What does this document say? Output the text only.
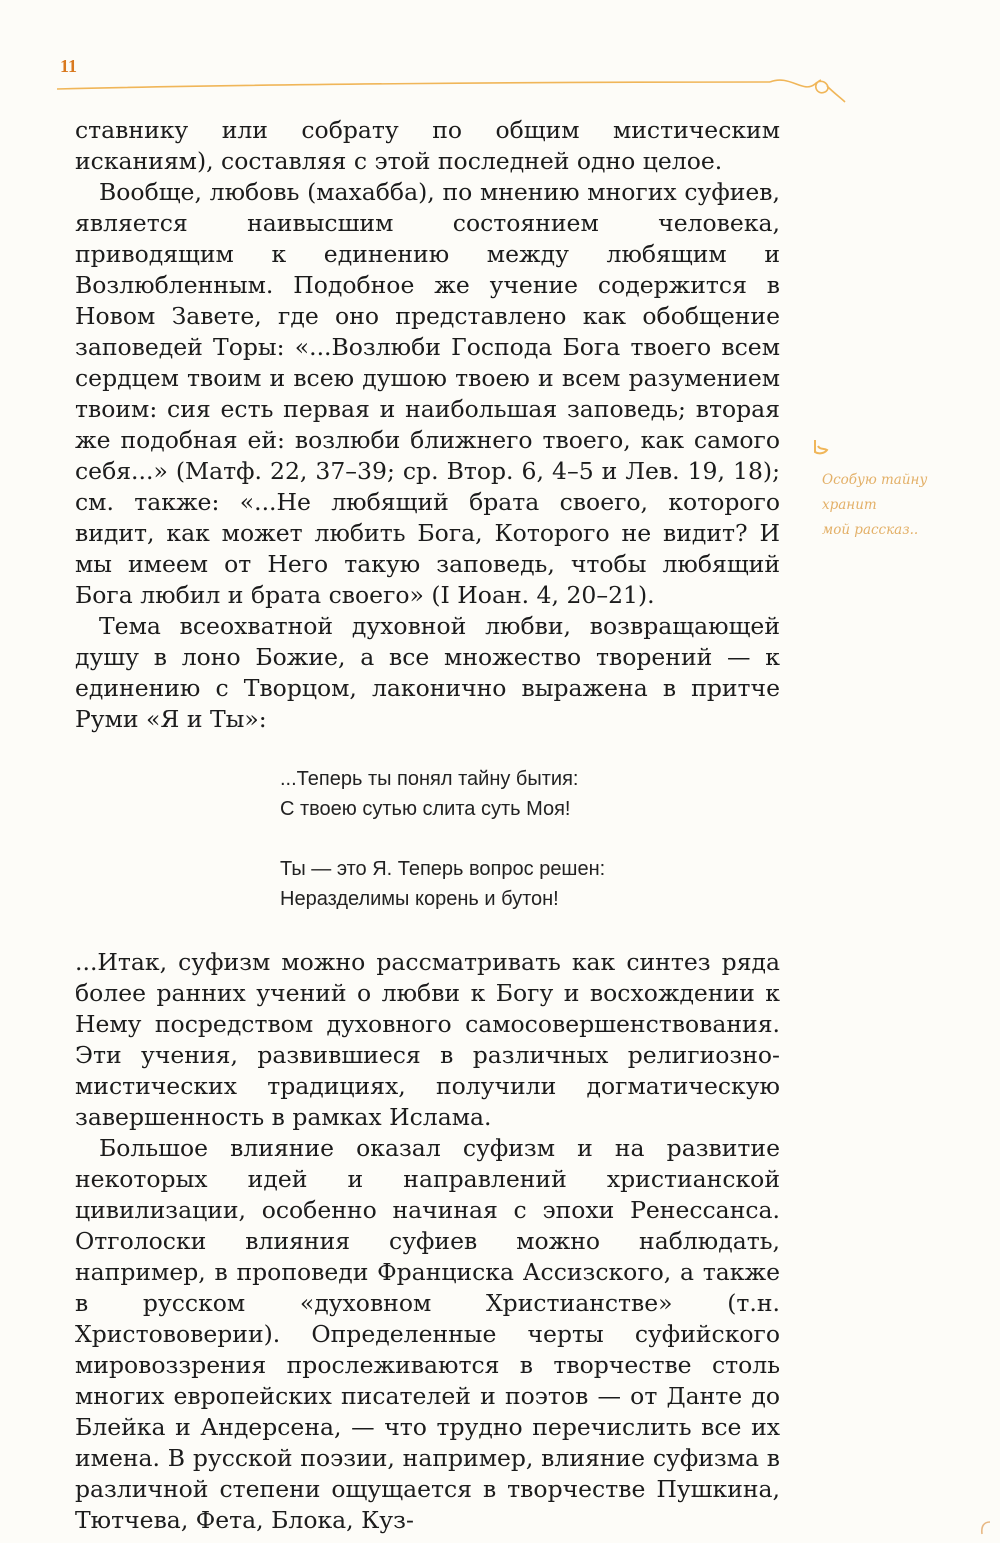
11

ставнику или собрату по общим мистическим исканиям), составляя с этой последней одно целое.

Вообще, любовь (махабба), по мнению многих суфиев, является наивысшим состоянием человека, приводящим к единению между любящим и Возлюбленным. Подобное же учение содержится в Новом Завете, где оно представлено как обобщение заповедей Торы: «...Возлюби Господа Бога твоего всем сердцем твоим и всею душою твоею и всем разумением твоим: сия есть первая и наибольшая заповедь; вторая же подобная ей: возлюби ближнего твоего, как самого себя...» (Матф. 22, 37–39; ср. Втор. 6, 4–5 и Лев. 19, 18); см. также: «...Не любящий брата своего, которого видит, как может любить Бога, Которого не видит? И мы имеем от Него такую заповедь, чтобы любящий Бога любил и брата своего» (I Иоан. 4, 20–21).

Тема всеохватной духовной любви, возвращающей душу в лоно Божие, а все множество творений — к единению с Творцом, лаконично выражена в притче Руми «Я и Ты»:

...Теперь ты понял тайну бытия:
С твоею сутью слита суть Моя!
Ты — это Я. Теперь вопрос решен:
Неразделимы корень и бутон!

...Итак, суфизм можно рассматривать как синтез ряда более ранних учений о любви к Богу и восхождении к Нему посредством духовного самосовершенствования. Эти учения, развившиеся в различных религиозно-мистических традициях, получили догматическую завершенность в рамках Ислама.

Большое влияние оказал суфизм и на развитие некоторых идей и направлений христианской цивилизации, особенно начиная с эпохи Ренессанса. Отголоски влияния суфиев можно наблюдать, например, в проповеди Франциска Ассизского, а также в русском «духовном Христианстве» (т.н. Христововерии). Определенные черты суфийского мировоззрения прослеживаются в творчестве столь многих европейских писателей и поэтов — от Данте до Блейка и Андерсена, — что трудно перечислить все их имена. В русской поэзии, например, влияние суфизма в различной степени ощущается в творчестве Пушкина, Тютчева, Фета, Блока, Куз-

Особую тайну
хранит
мой рассказ..
